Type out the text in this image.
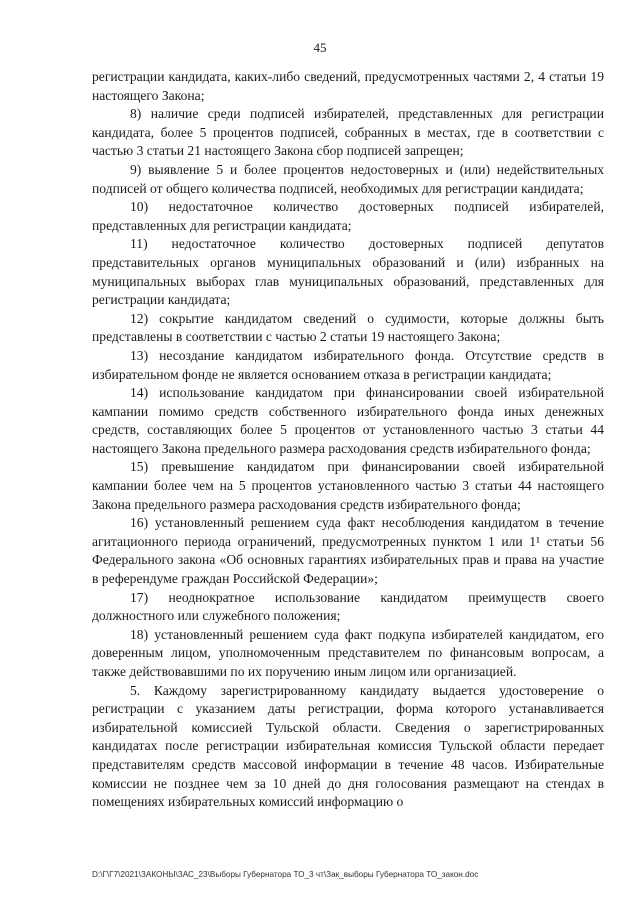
45

регистрации кандидата, каких-либо сведений, предусмотренных частями 2, 4 статьи 19 настоящего Закона;

8) наличие среди подписей избирателей, представленных для регистрации кандидата, более 5 процентов подписей, собранных в местах, где в соответствии с частью 3 статьи 21 настоящего Закона сбор подписей запрещен;

9) выявление 5 и более процентов недостоверных и (или) недействительных подписей от общего количества подписей, необходимых для регистрации кандидата;

10) недостаточное количество достоверных подписей избирателей, представленных для регистрации кандидата;

11) недостаточное количество достоверных подписей депутатов представительных органов муниципальных образований и (или) избранных на муниципальных выборах глав муниципальных образований, представленных для регистрации кандидата;

12) сокрытие кандидатом сведений о судимости, которые должны быть представлены в соответствии с частью 2 статьи 19 настоящего Закона;

13) несоздание кандидатом избирательного фонда. Отсутствие средств в избирательном фонде не является основанием отказа в регистрации кандидата;

14) использование кандидатом при финансировании своей избирательной кампании помимо средств собственного избирательного фонда иных денежных средств, составляющих более 5 процентов от установленного частью 3 статьи 44 настоящего Закона предельного размера расходования средств избирательного фонда;

15) превышение кандидатом при финансировании своей избирательной кампании более чем на 5 процентов установленного частью 3 статьи 44 настоящего Закона предельного размера расходования средств избирательного фонда;

16) установленный решением суда факт несоблюдения кандидатом в течение агитационного периода ограничений, предусмотренных пунктом 1 или 1¹ статьи 56 Федерального закона «Об основных гарантиях избирательных прав и права на участие в референдуме граждан Российской Федерации»;

17) неоднократное использование кандидатом преимуществ своего должностного или служебного положения;

18) установленный решением суда факт подкупа избирателей кандидатом, его доверенным лицом, уполномоченным представителем по финансовым вопросам, а также действовавшими по их поручению иным лицом или организацией.

5. Каждому зарегистрированному кандидату выдается удостоверение о регистрации с указанием даты регистрации, форма которого устанавливается избирательной комиссией Тульской области. Сведения о зарегистрированных кандидатах после регистрации избирательная комиссия Тульской области передает представителям средств массовой информации в течение 48 часов. Избирательные комиссии не позднее чем за 10 дней до дня голосования размещают на стендах в помещениях избирательных комиссий информацию о

D:\Г\Г7\2021\ЗАКОНЫ\ЗАС_23\Выборы Губернатора ТО_3 чт\Зак_выборы Губернатора ТО_закон.doc
